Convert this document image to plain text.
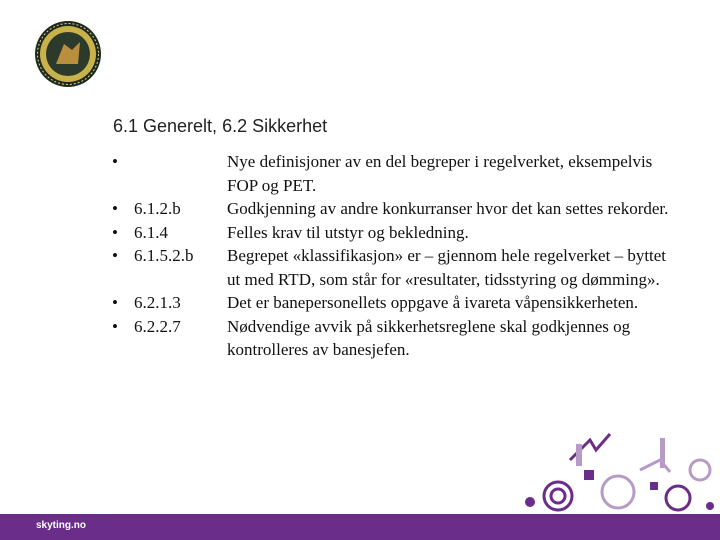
6.1 Generelt, 6.2 Sikkerhet
•	Nye definisjoner av en del begreper i regelverket, eksempelvis FOP og PET.
• 6.1.2.b	Godkjenning av andre konkurranser hvor det kan settes rekorder.
• 6.1.4	Felles krav til utstyr og bekledning.
• 6.1.5.2.b	Begrepet «klassifikasjon» er – gjennom hele regelverket – byttet ut med RTD, som står for «resultater, tidsstyring og dømming».
• 6.2.1.3	Det er banepersonellets oppgave å ivareta våpensikkerheten.
• 6.2.2.7	Nødvendige avvik på sikkerhetsreglene skal godkjennes og kontrolleres av banesjefen.
skyting.no
